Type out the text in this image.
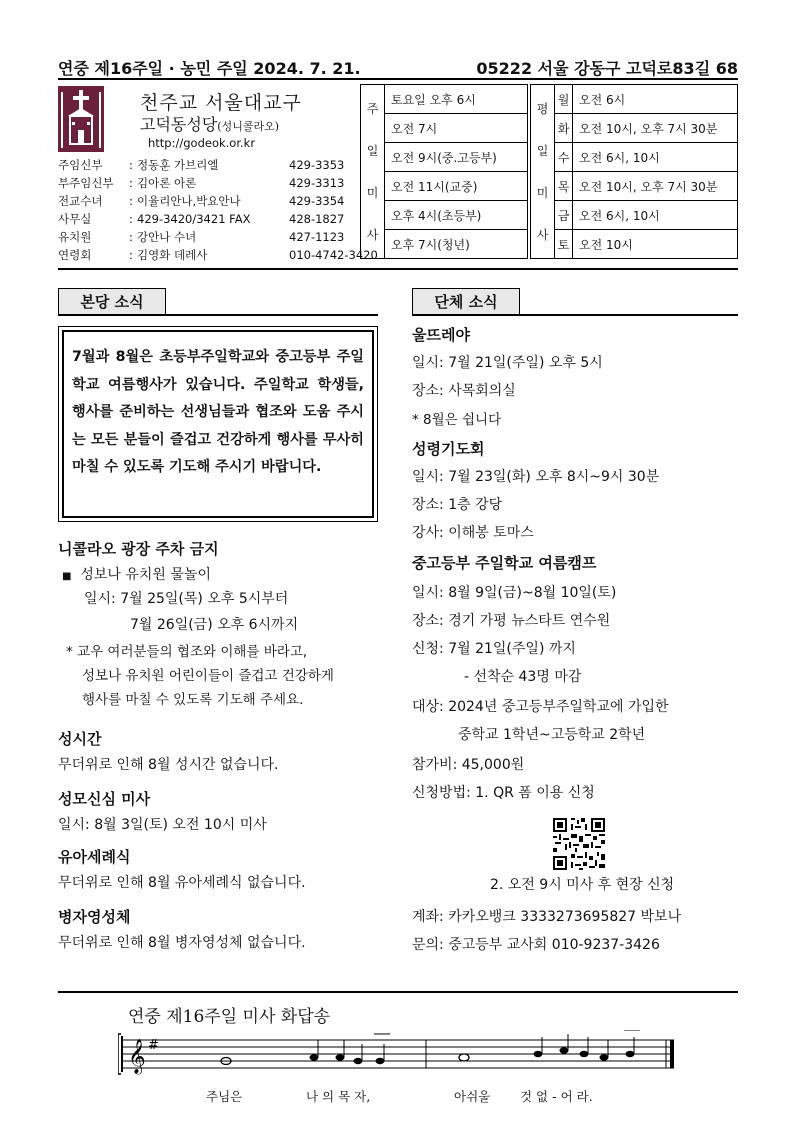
연중 제16주일 · 농민 주일 2024. 7. 21.	05222 서울 강동구 고덕로83길 68
천주교 서울대교구
고덕동성당(성니콜라오)
http://godeok.or.kr
주임신부	: 정동훈 가브리엘	429-3353
부주임신부	: 김아론 아론	429-3313
전교수녀	: 이율리안나,박요안나	429-3354
사무실	: 429-3420/3421 FAX	428-1827
유치원	: 강안나 수녀	427-1123
연령회	: 김영화 데레사	010-4742-3420
주
일
미
사
	토요일 오후 6시
오전 7시
오전 9시(중.고등부)
오전 11시(교중)
오후 4시(초등부)
오후 7시(청년)
평
일
미
사	월	오전 6시
	화	오전 10시, 오후 7시 30분
	수	오전 6시, 10시
	목	오전 10시, 오후 7시 30분
	금	오전 6시, 10시
	토	오전 10시
본당 소식	단체 소식
7월과 8월은 초등부주일학교와 중고등부 주일학교 여름행사가 있습니다. 주일학교 학생들, 행사를 준비하는 선생님들과 협조와 도움 주시는 모든 분들이 즐겁고 건강하게 행사를 무사히 마칠 수 있도록 기도해 주시기 바랍니다.
니콜라오 광장 주차 금지
■ 성보나 유치원 물놀이
일시: 7월 25일(목) 오후 5시부터
7월 26일(금) 오후 6시까지
* 교우 여러분들의 협조와 이해를 바라고,
성보나 유치원 어린이들이 즐겁고 건강하게
행사를 마칠 수 있도록 기도해 주세요.
성시간
무더위로 인해 8월 성시간 없습니다.
성모신심 미사
일시: 8월 3일(토) 오전 10시 미사
유아세례식
무더위로 인해 8월 유아세례식 없습니다.
병자영성체
무더위로 인해 8월 병자영성체 없습니다.
울뜨레야
일시: 7월 21일(주일) 오후 5시
장소: 사목회의실
* 8월은 쉽니다
성령기도회
일시: 7월 23일(화) 오후 8시~9시 30분
장소: 1층 강당
강사: 이해봉 토마스
중고등부 주일학교 여름캠프
일시: 8월 9일(금)~8월 10일(토)
장소: 경기 가평 뉴스타트 연수원
신청: 7월 21일(주일) 까지
- 선착순 43명 마감
대상: 2024년 중고등부주일학교에 가입한
중학교 1학년~고등학교 2학년
참가비: 45,000원
신청방법: 1. QR 폼 이용 신청
2. 오전 9시 미사 후 현장 신청
계좌: 카카오뱅크 3333273695827 박보나
문의: 중고등부 교사회 010-9237-3426
연중 제16주일 미사 화답송
𝄞 #
주님은	나 의 목 자,	아쉬울 것 없 - 어 라.
